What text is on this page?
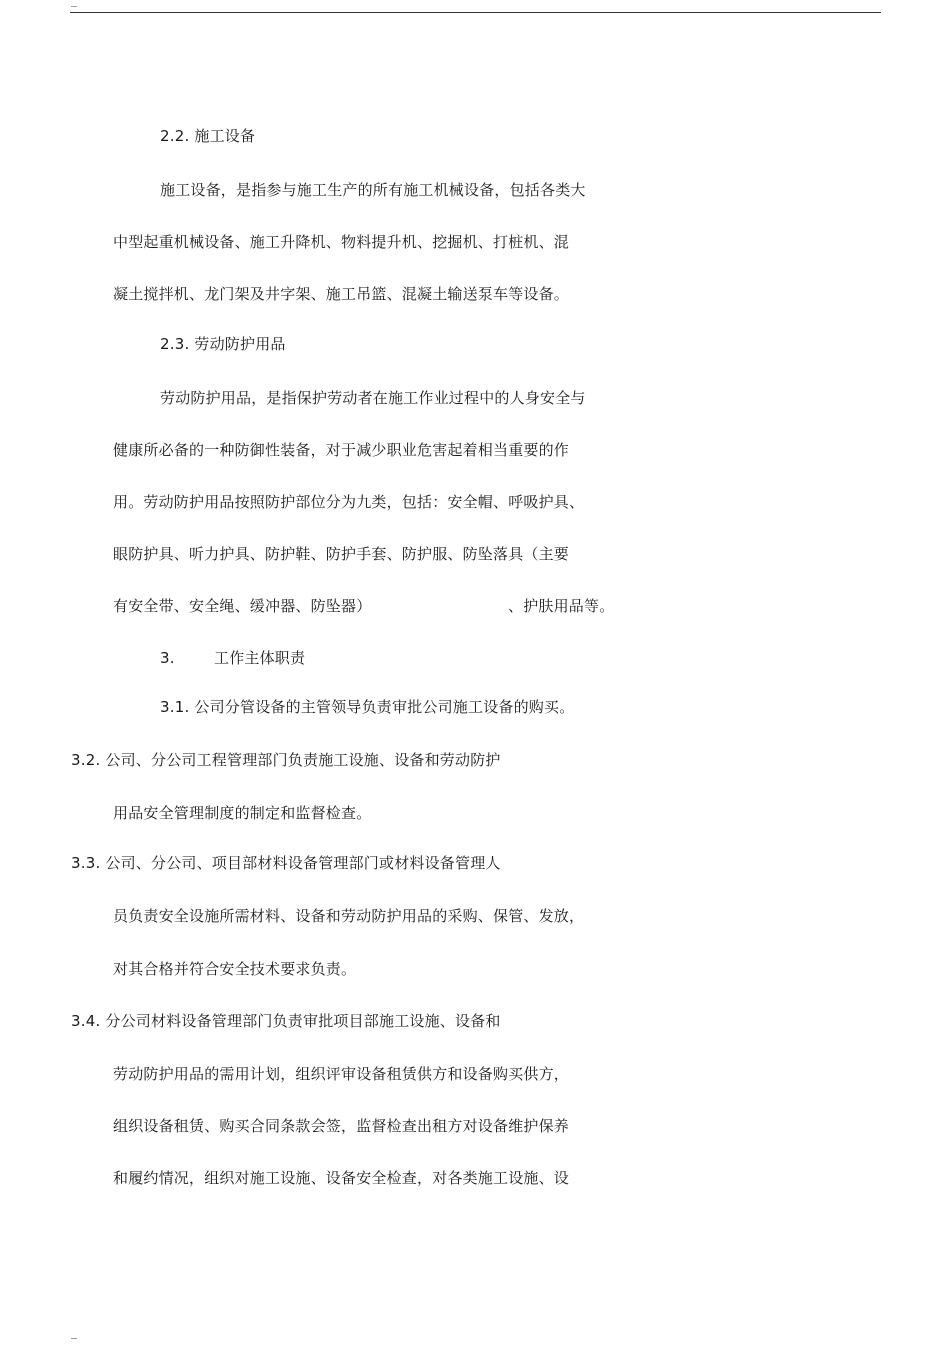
2.2. 施工设备
施工设备，是指参与施工生产的所有施工机械设备，包括各类大
中型起重机械设备、施工升降机、物料提升机、挖掘机、打桩机、混
凝土搅拌机、龙门架及井字架、施工吊篮、混凝土输送泵车等设备。
2.3. 劳动防护用品
劳动防护用品，是指保护劳动者在施工作业过程中的人身安全与
健康所必备的一种防御性装备，对于减少职业危害起着相当重要的作
用。劳动防护用品按照防护部位分为九类，包括：安全帽、呼吸护具、
眼防护具、听力护具、防护鞋、防护手套、防护服、防坠落具（主要
有安全带、安全绳、缓冲器、防坠器）	、护肤用品等。
3.	工作主体职责
3.1. 公司分管设备的主管领导负责审批公司施工设备的购买。
3.2. 公司、分公司工程管理部门负责施工设施、设备和劳动防护
用品安全管理制度的制定和监督检查。
3.3. 公司、分公司、项目部材料设备管理部门或材料设备管理人
员负责安全设施所需材料、设备和劳动防护用品的采购、保管、发放，
对其合格并符合安全技术要求负责。
3.4. 分公司材料设备管理部门负责审批项目部施工设施、设备和
劳动防护用品的需用计划，组织评审设备租赁供方和设备购买供方，
组织设备租赁、购买合同条款会签，监督检查出租方对设备维护保养
和履约情况，组织对施工设施、设备安全检查，对各类施工设施、设
